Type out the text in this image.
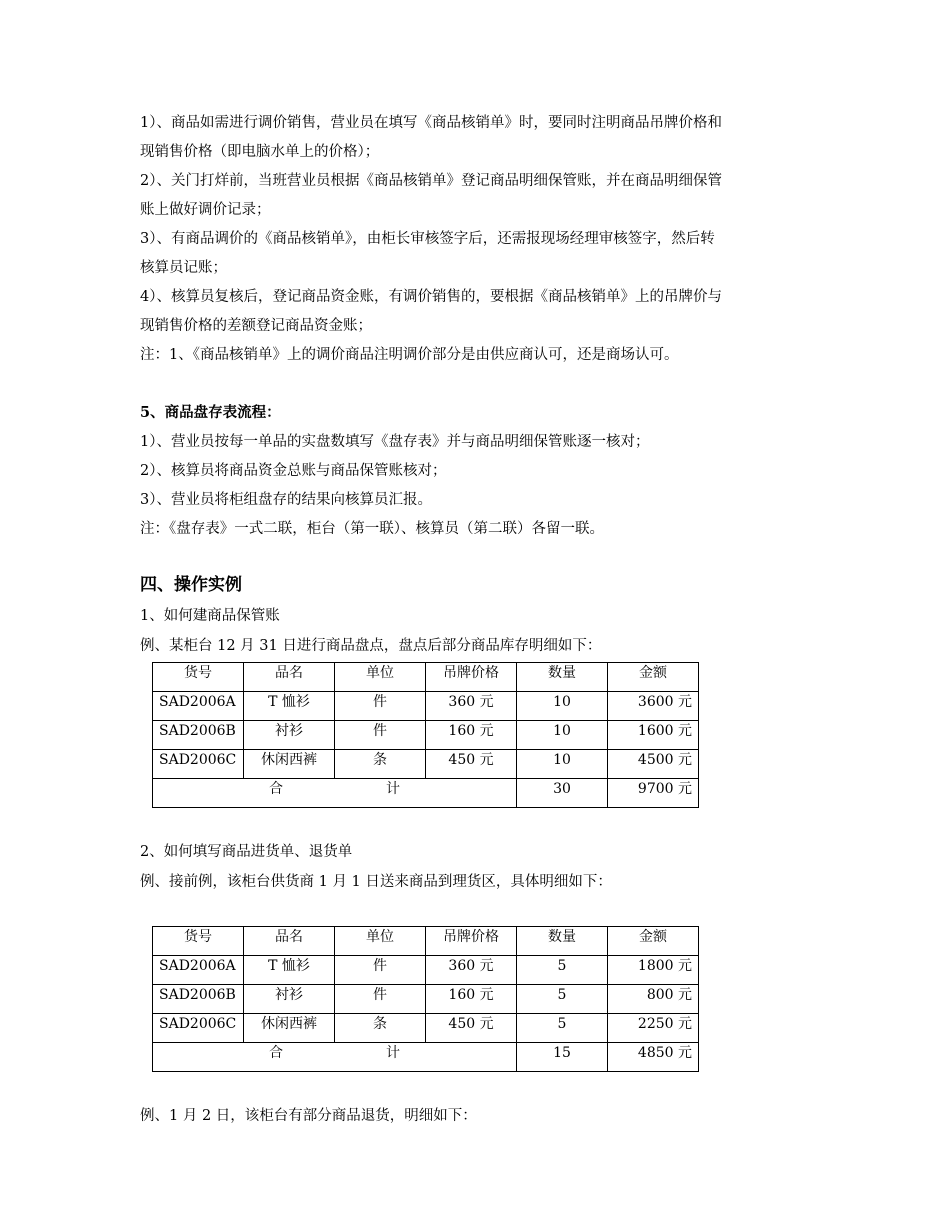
1）、商品如需进行调价销售，营业员在填写《商品核销单》时，要同时注明商品吊牌价格和
现销售价格（即电脑水单上的价格）；
2）、关门打烊前，当班营业员根据《商品核销单》登记商品明细保管账，并在商品明细保管
账上做好调价记录；
3）、有商品调价的《商品核销单》，由柜长审核签字后，还需报现场经理审核签字，然后转
核算员记账；
4）、核算员复核后，登记商品资金账，有调价销售的，要根据《商品核销单》上的吊牌价与
现销售价格的差额登记商品资金账；
注：1、《商品核销单》上的调价商品注明调价部分是由供应商认可，还是商场认可。
5、商品盘存表流程：
1）、营业员按每一单品的实盘数填写《盘存表》并与商品明细保管账逐一核对；
2）、核算员将商品资金总账与商品保管账核对；
3）、营业员将柜组盘存的结果向核算员汇报。
注：《盘存表》一式二联，柜台（第一联）、核算员（第二联）各留一联。
四、操作实例
1、如何建商品保管账
例、某柜台 12 月 31 日进行商品盘点，盘点后部分商品库存明细如下：
货号	品名	单位	吊牌价格	数量	金额
SAD2006A	T 恤衫	件	360 元	10	3600 元
SAD2006B	衬衫	件	160 元	10	1600 元
SAD2006C	休闲西裤	条	450 元	10	4500 元

合 计				30	9700 元
2、如何填写商品进货单、退货单
例、接前例，该柜台供货商 1 月 1 日送来商品到理货区，具体明细如下：
货号	品名	单位	吊牌价格	数量	金额
SAD2006A	T 恤衫	件	360 元	5	1800 元
SAD2006B	衬衫	件	160 元	5	800 元
SAD2006C	休闲西裤	条	450 元	5	2250 元

合 计				15	4850 元
例、1 月 2 日，该柜台有部分商品退货，明细如下：
